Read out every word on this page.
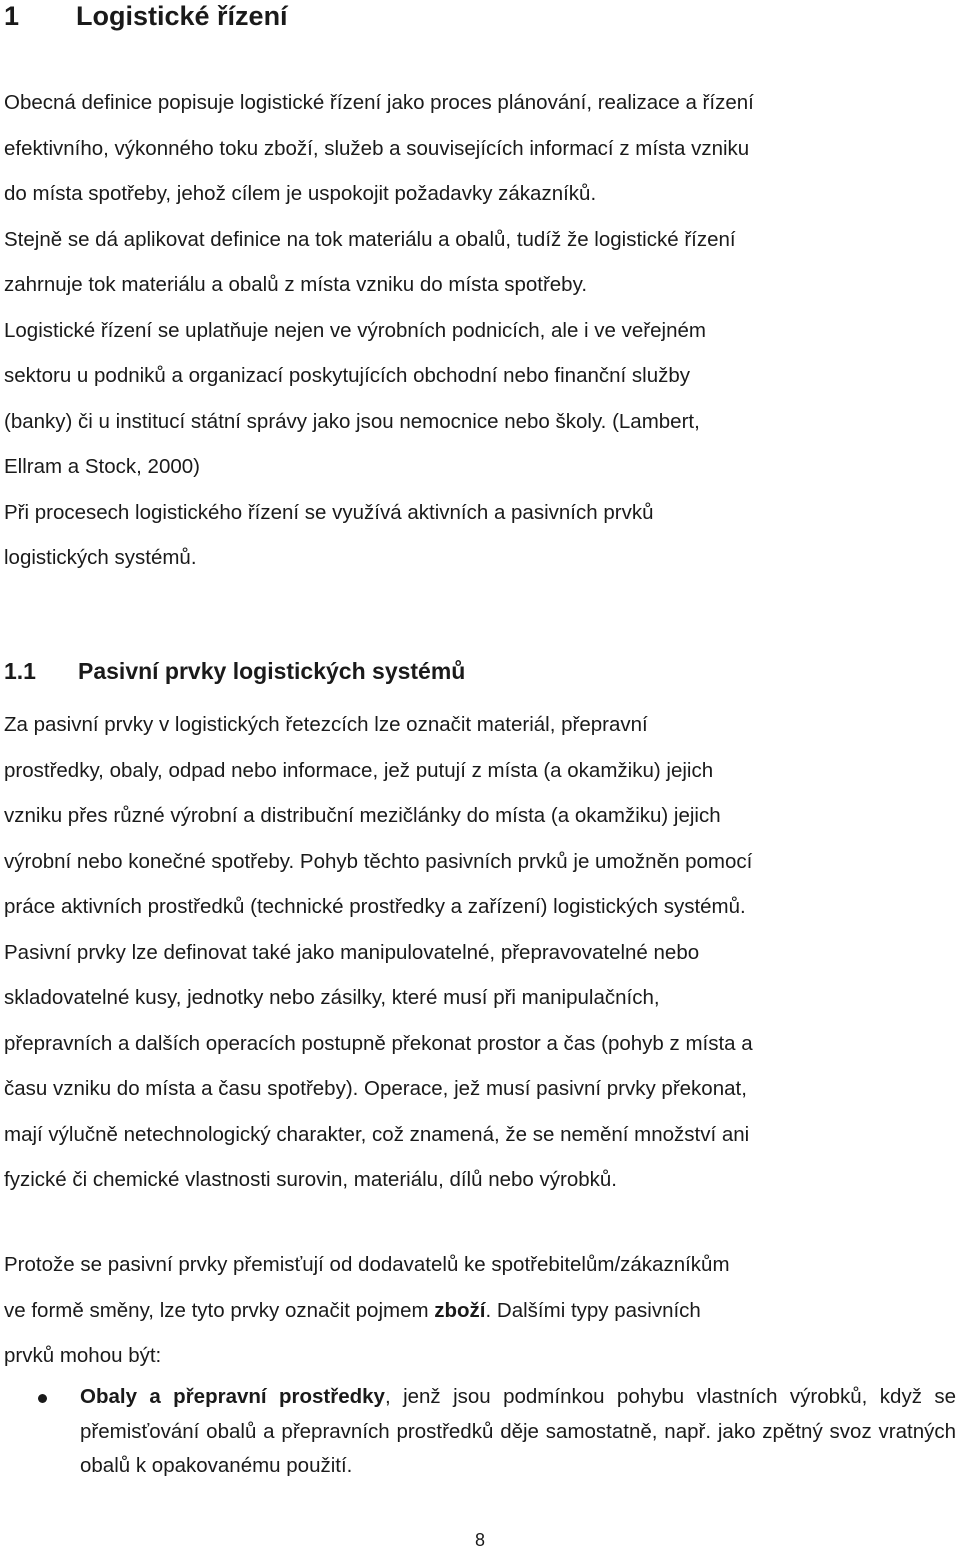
1 Logistické řízení

Obecná definice popisuje logistické řízení jako proces plánování, realizace a řízení
efektivního, výkonného toku zboží, služeb a souvisejících informací z místa vzniku
do místa spotřeby, jehož cílem je uspokojit požadavky zákazníků.
Stejně se dá aplikovat definice na tok materiálu a obalů, tudíž že logistické řízení
zahrnuje tok materiálu a obalů z místa vzniku do místa spotřeby.
Logistické řízení se uplatňuje nejen ve výrobních podnicích, ale i ve veřejném
sektoru u podniků a organizací poskytujících obchodní nebo finanční služby
(banky) či u institucí státní správy jako jsou nemocnice nebo školy. (Lambert,
Ellram a Stock, 2000)
Při procesech logistického řízení se využívá aktivních a pasivních prvků
logistických systémů.

1.1 Pasivní prvky logistických systémů

Za pasivní prvky v logistických řetezcích lze označit materiál, přepravní
prostředky, obaly, odpad nebo informace, jež putují z místa (a okamžiku) jejich
vzniku přes různé výrobní a distribuční mezičlánky do místa (a okamžiku) jejich
výrobní nebo konečné spotřeby. Pohyb těchto pasivních prvků je umožněn pomocí
práce aktivních prostředků (technické prostředky a zařízení) logistických systémů.
Pasivní prvky lze definovat také jako manipulovatelné, přepravovatelné nebo
skladovatelné kusy, jednotky nebo zásilky, které musí při manipulačních,
přepravních a dalších operacích postupně překonat prostor a čas (pohyb z místa a
času vzniku do místa a času spotřeby). Operace, jež musí pasivní prvky překonat,
mají výlučně netechnologický charakter, což znamená, že se nemění množství ani
fyzické či chemické vlastnosti surovin, materiálu, dílů nebo výrobků.

Protože se pasivní prvky přemisťují od dodavatelů ke spotřebitelům/zákazníkům
ve formě směny, lze tyto prvky označit pojmem zboží. Dalšími typy pasivních
prvků mohou být:

Obaly a přepravní prostředky, jenž jsou podmínkou pohybu vlastních výrobků, když se přemisťování obalů a přepravních prostředků děje samostatně, např. jako zpětný svoz vratných obalů k opakovanému použití.
8
